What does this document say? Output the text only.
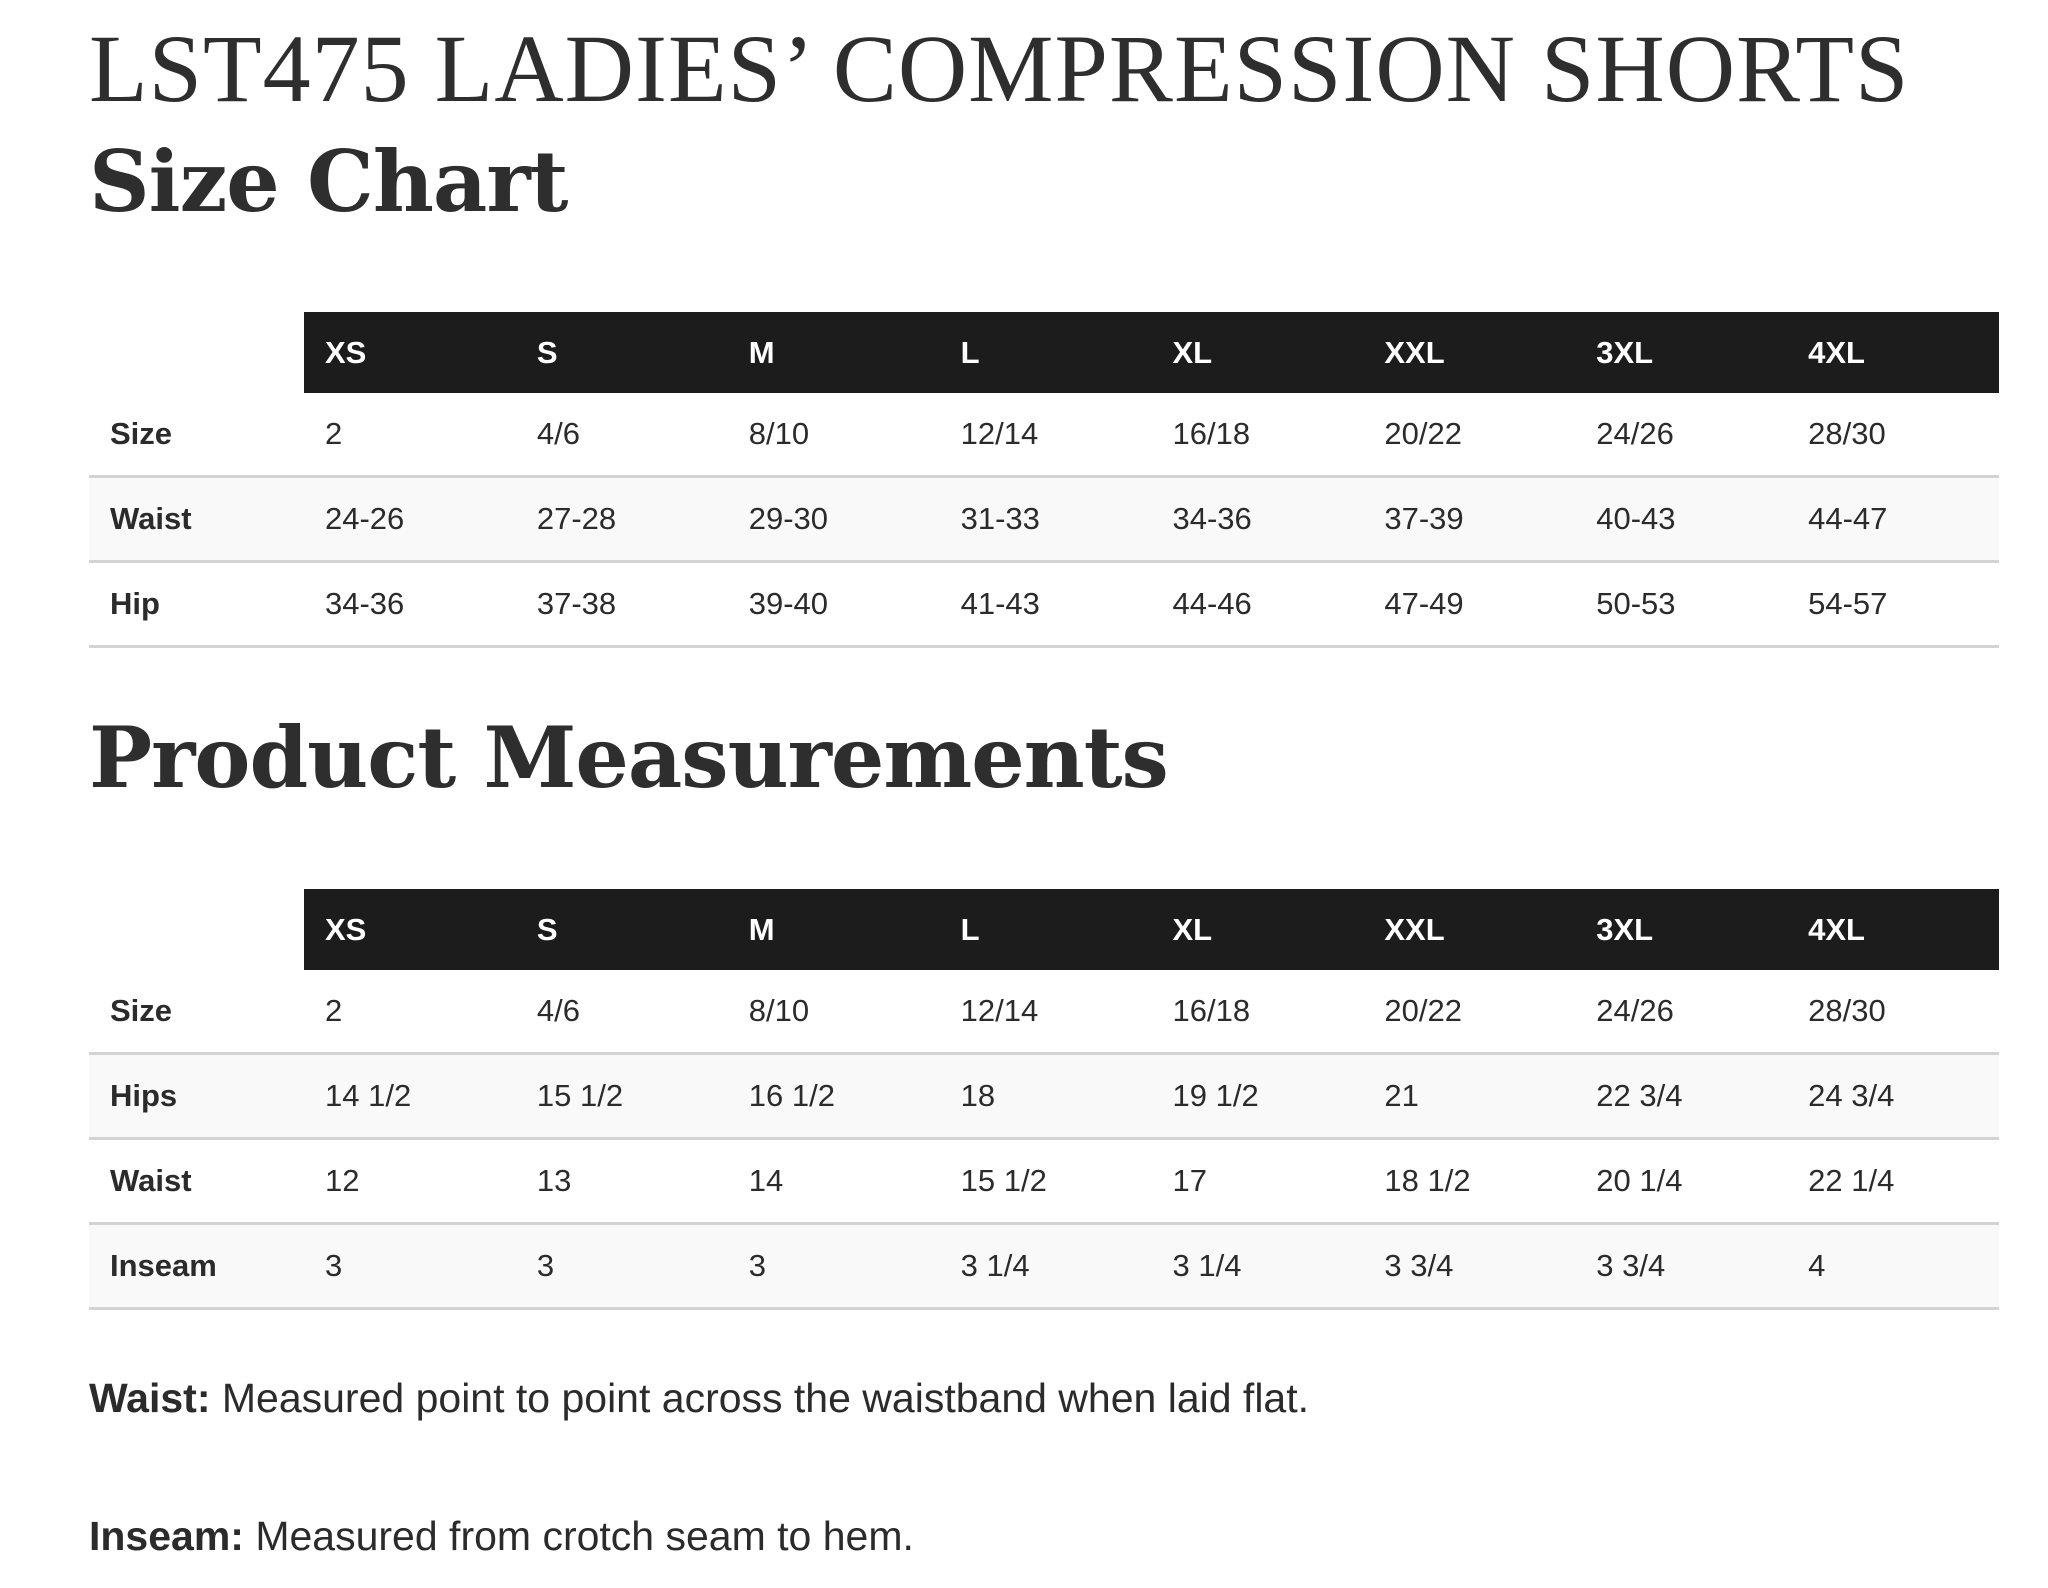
LST475 LADIES’ COMPRESSION SHORTS
Size Chart
	XS	S	M	L	XL	XXL	3XL	4XL
Size	2	4/6	8/10	12/14	16/18	20/22	24/26	28/30
Waist	24-26	27-28	29-30	31-33	34-36	37-39	40-43	44-47
Hip	34-36	37-38	39-40	41-43	44-46	47-49	50-53	54-57
Product Measurements
	XS	S	M	L	XL	XXL	3XL	4XL
Size	2	4/6	8/10	12/14	16/18	20/22	24/26	28/30
Hips	14 1/2	15 1/2	16 1/2	18	19 1/2	21	22 3/4	24 3/4
Waist	12	13	14	15 1/2	17	18 1/2	20 1/4	22 1/4
Inseam	3	3	3	3 1/4	3 1/4	3 3/4	3 3/4	4

Waist: Measured point to point across the waistband when laid flat.

Inseam: Measured from crotch seam to hem.
